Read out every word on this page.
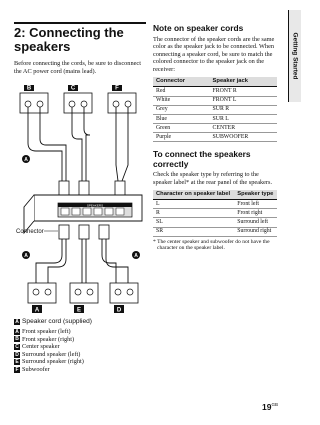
2: Connecting the speakers

Before connecting the cords, be sure to disconnect the AC power cord (mains lead).

B	C	F
A
SPEAKERS
Connector
A	A
A	E	D
A Speaker cord (supplied)
A Front speaker (left)
B Front speaker (right)
C Center speaker
D Surround speaker (left)
E Surround speaker (right)
F Subwoofer
Note on speaker cords

The connector of the speaker cords are the same color as the speaker jack to be connected. When connecting a speaker cord, be sure to match the colored connector to the speaker jack on the receiver:

Connector	Speaker jack
Red	FRONT R
White	FRONT L
Grey	SUR R
Blue	SUR L
Green	CENTER
Purple	SUBWOOFER
To connect the speakers correctly

Check the speaker type by referring to the speaker label* at the rear panel of the speakers.

Character on speaker label	Speaker type
L	Front left
R	Front right
SL	Surround left
SR	Surround right

* The center speaker and subwoofer do not have the character on the speaker label.

Getting Started
$19^{GB}$
